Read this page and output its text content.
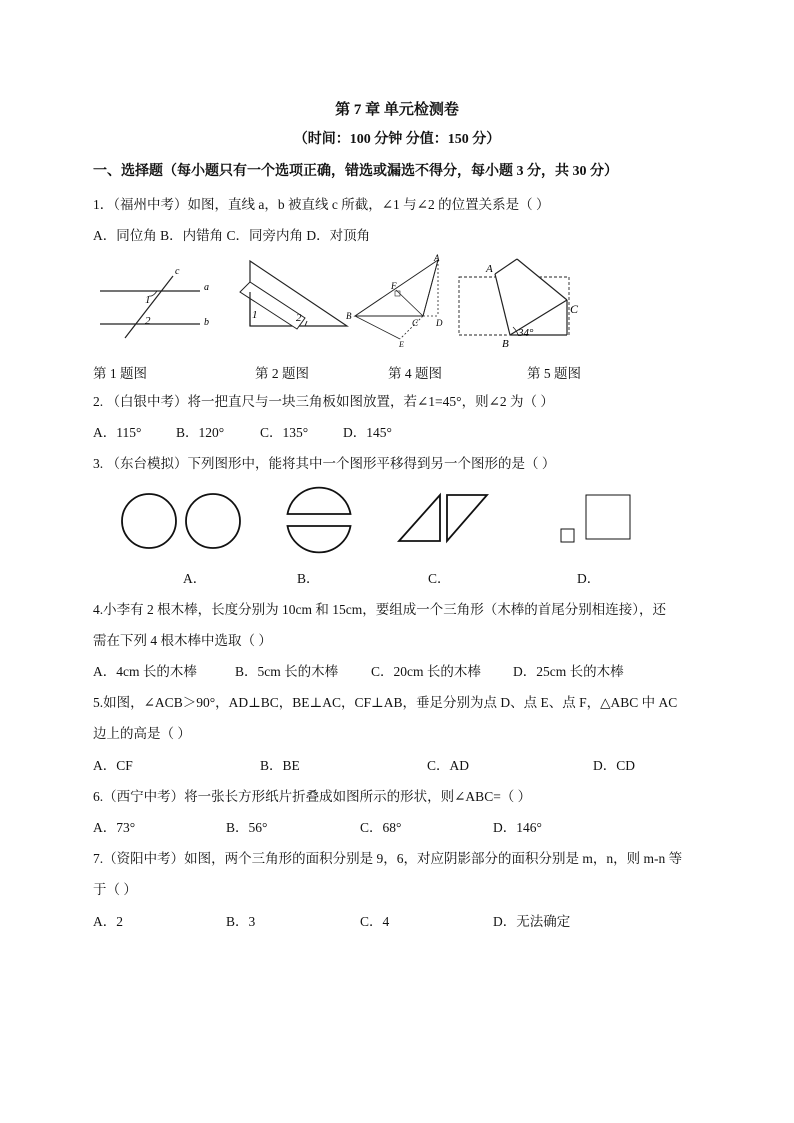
第 7 章 单元检测卷
（时间：100 分钟 分值：150 分）
一、选择题（每小题只有一个选项正确，错选或漏选不得分，每小题 3 分，共 30 分）
1．（福州中考）如图，直线 a，b 被直线 c 所截，∠1 与∠2 的位置关系是（ ）
A．同位角 B．内错角 C．同旁内角 D．对顶角
c
a
b
1
2	1	2
A
F
B
C D
E
A
C
B
34°
第 1 题图	第 2 题图	第 4 题图	第 5 题图
2. （白银中考）将一把直尺与一块三角板如图放置，若∠1=45°，则∠2 为（ ）
A．115°	B．120°	C．135°	D．145°
3. （东台模拟）下列图形中，能将其中一个图形平移得到另一个图形的是（ ）
A．	B．	C．	D．
4.小李有 2 根木棒，长度分别为 10cm 和 15cm，要组成一个三角形（木棒的首尾分别相连接），还
需在下列 4 根木棒中选取（ ）
A．4cm 长的木棒	B．5cm 长的木棒 C．20cm 长的木棒 D．25cm 长的木棒
5.如图，∠ACB＞90°，AD⊥BC，BE⊥AC，CF⊥AB，垂足分别为点 D、点 E、点 F，△ABC 中 AC
边上的高是（ ）
A．CF	B．BE	C．AD	D．CD
6.（西宁中考）将一张长方形纸片折叠成如图所示的形状，则∠ABC=（ ）
A．73°	B．56°	C．68°	D．146°
7.（资阳中考）如图，两个三角形的面积分别是 9，6，对应阴影部分的面积分别是 m，n，则 m-n 等
于（ ）
A．2	B．3	C．4	D．无法确定
